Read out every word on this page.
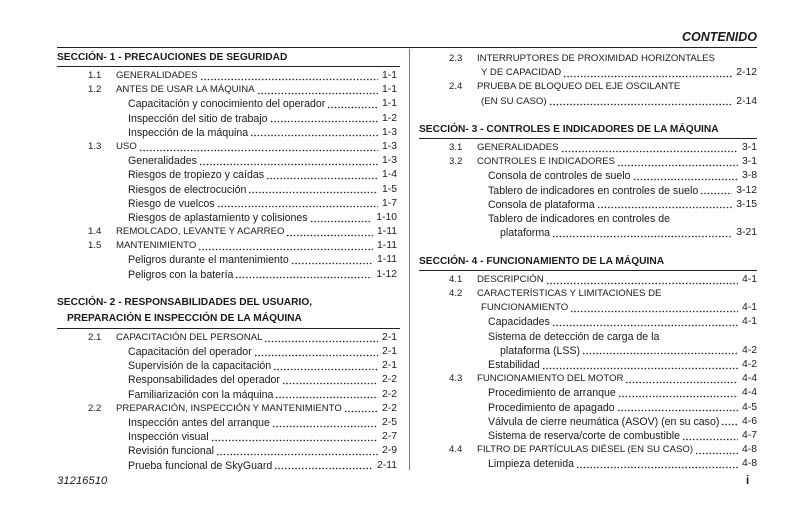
CONTENIDO
SECCIÓN- 1 - PRECAUCIONES DE SEGURIDAD
1.1 GENERALIDADES	1-1
1.2 ANTES DE USAR LA MÁQUINA	1-1
Capacitación y conocimiento del operador	1-1
Inspección del sitio de trabajo	1-2
Inspección de la máquina	1-3
1.3 USO	1-3
Generalidades	1-3
Riesgos de tropiezo y caídas	1-4
Riesgos de electrocución	1-5
Riesgo de vuelcos	1-7
Riesgos de aplastamiento y colisiones	1-10
1.4 REMOLCADO, LEVANTE Y ACARREO	1-11
1.5 MANTENIMIENTO	1-11
Peligros durante el mantenimiento	1-11
Peligros con la batería	1-12
SECCIÓN- 2 - RESPONSABILIDADES DEL USUARIO,
PREPARACIÓN E INSPECCIÓN DE LA MÁQUINA
2.1 CAPACITACIÓN DEL PERSONAL	2-1
Capacitación del operador	2-1
Supervisión de la capacitación	2-1
Responsabilidades del operador	2-2
Familiarización con la máquina	2-2
2.2 PREPARACIÓN, INSPECCIÓN Y MANTENIMIENTO	2-2
Inspección antes del arranque	2-5
Inspección visual	2-7
Revisión funcional	2-9
Prueba funcional de SkyGuard	2-11
2.3 INTERRUPTORES DE PROXIMIDAD HORIZONTALES
Y DE CAPACIDAD	2-12
2.4 PRUEBA DE BLOQUEO DEL EJE OSCILANTE
(EN SU CASO)	2-14
SECCIÓN- 3 - CONTROLES E INDICADORES DE LA MÁQUINA
3.1 GENERALIDADES	3-1
3.2 CONTROLES E INDICADORES	3-1
Consola de controles de suelo	3-8
Tablero de indicadores en controles de suelo	3-12
Consola de plataforma	3-15
Tablero de indicadores en controles de
plataforma	3-21
SECCIÓN- 4 - FUNCIONAMIENTO DE LA MÁQUINA
4.1 DESCRIPCIÓN	4-1
4.2 CARACTERÍSTICAS Y LIMITACIONES DE
FUNCIONAMIENTO	4-1
Capacidades	4-1
Sistema de detección de carga de la
plataforma (LSS)	4-2
Estabilidad	4-2
4.3 FUNCIONAMIENTO DEL MOTOR	4-4
Procedimiento de arranque	4-4
Procedimiento de apagado	4-5
Válvula de cierre neumática (ASOV) (en su caso) 4-6
Sistema de reserva/corte de combustible	4-7
4.4 FILTRO DE PARTÍCULAS DIÉSEL (EN SU CASO)	4-8
Limpieza detenida	4-8
31216510	i
